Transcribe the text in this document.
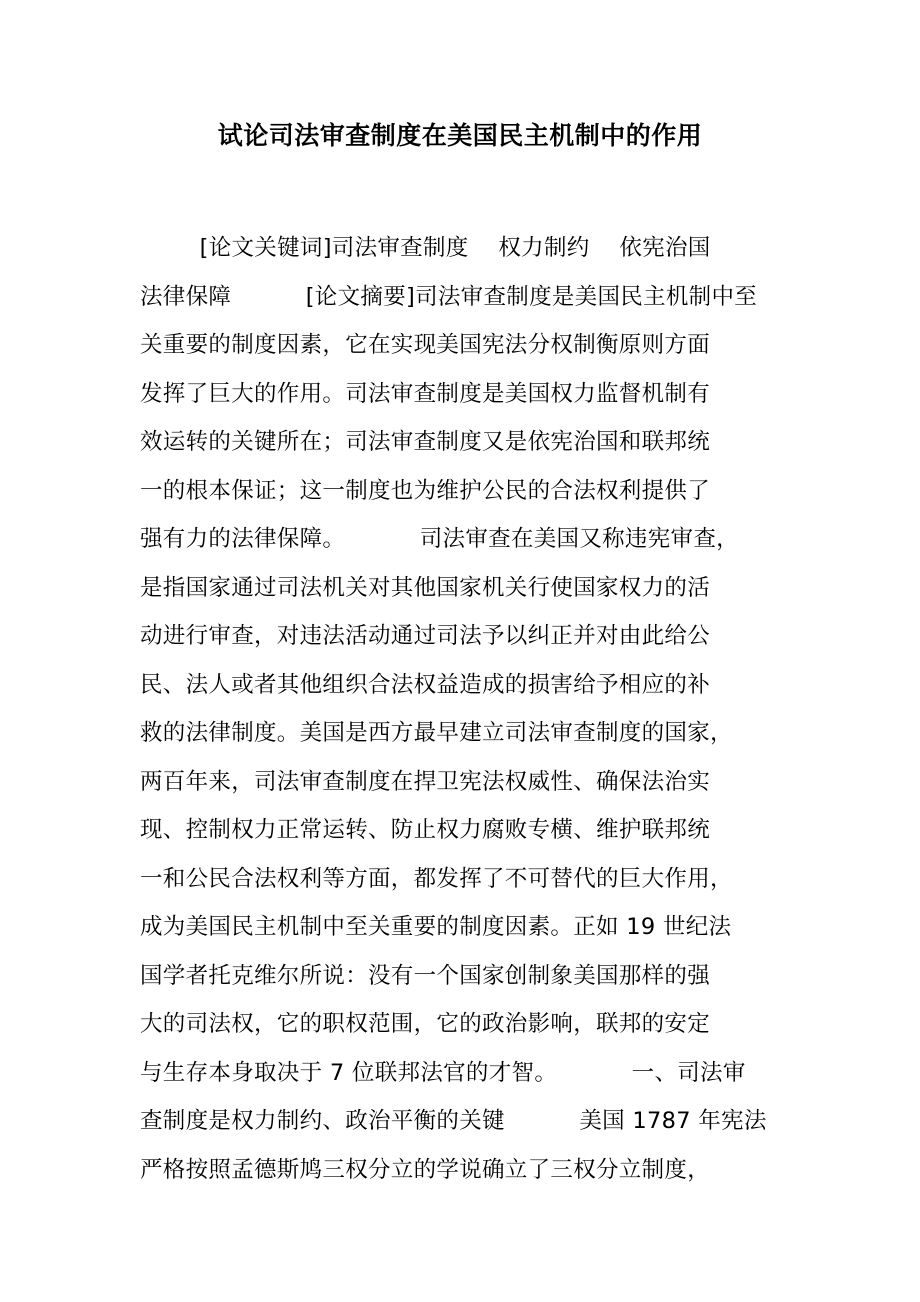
试论司法审查制度在美国民主机制中的作用
[论文关键词]司法审查制度    权力制约    依宪治国
法律保障          [论文摘要]司法审查制度是美国民主机制中至
关重要的制度因素，它在实现美国宪法分权制衡原则方面
发挥了巨大的作用。司法审查制度是美国权力监督机制有
效运转的关键所在；司法审查制度又是依宪治国和联邦统
一的根本保证；这一制度也为维护公民的合法权利提供了
强有力的法律保障。          司法审查在美国又称违宪审查，
是指国家通过司法机关对其他国家机关行使国家权力的活
动进行审查，对违法活动通过司法予以纠正并对由此给公
民、法人或者其他组织合法权益造成的损害给予相应的补
救的法律制度。美国是西方最早建立司法审查制度的国家，
两百年来，司法审查制度在捍卫宪法权威性、确保法治实
现、控制权力正常运转、防止权力腐败专横、维护联邦统
一和公民合法权利等方面，都发挥了不可替代的巨大作用，
成为美国民主机制中至关重要的制度因素。正如 19 世纪法
国学者托克维尔所说：没有一个国家创制象美国那样的强
大的司法权，它的职权范围，它的政治影响，联邦的安定
与生存本身取决于 7 位联邦法官的才智。          一、司法审
查制度是权力制约、政治平衡的关键          美国 1787 年宪法
严格按照孟德斯鸠三权分立的学说确立了三权分立制度，
